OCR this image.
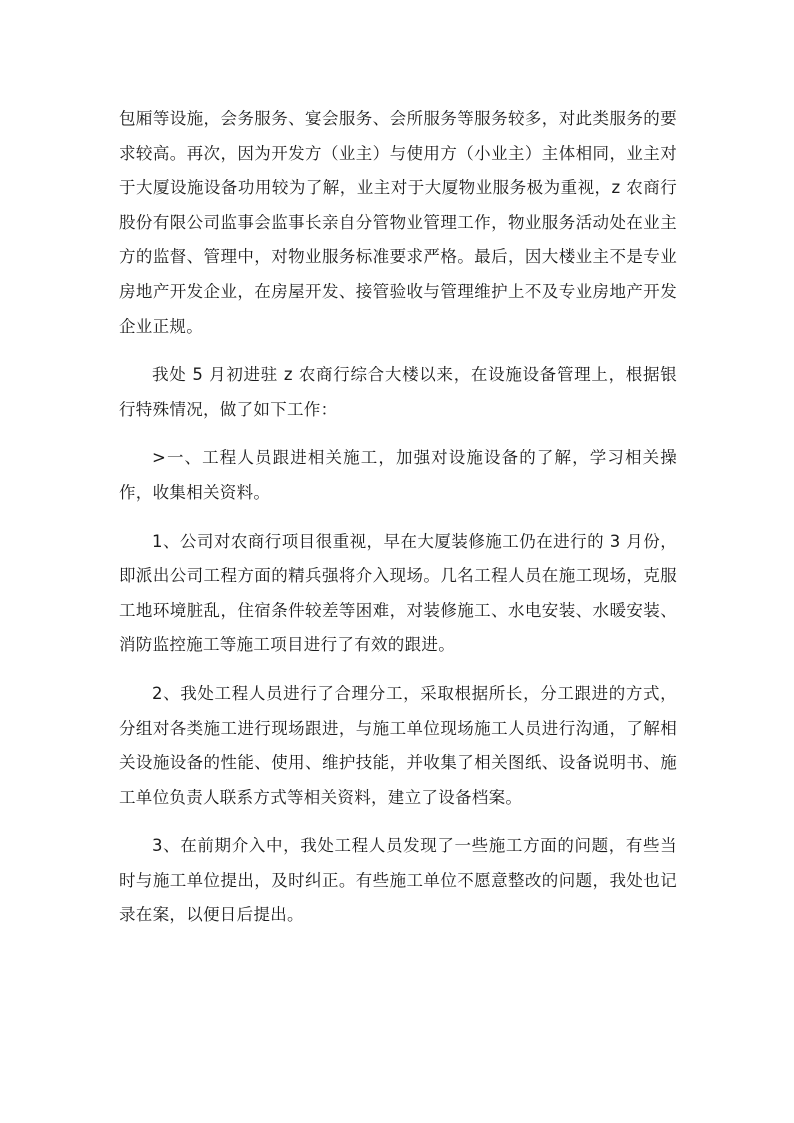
包厢等设施，会务服务、宴会服务、会所服务等服务较多，对此类服务的要求较高。再次，因为开发方（业主）与使用方（小业主）主体相同，业主对于大厦设施设备功用较为了解，业主对于大厦物业服务极为重视，z 农商行股份有限公司监事会监事长亲自分管物业管理工作，物业服务活动处在业主方的监督、管理中，对物业服务标准要求严格。最后，因大楼业主不是专业房地产开发企业，在房屋开发、接管验收与管理维护上不及专业房地产开发企业正规。

我处 5 月初进驻 z 农商行综合大楼以来，在设施设备管理上，根据银行特殊情况，做了如下工作：

>一、工程人员跟进相关施工，加强对设施设备的了解，学习相关操作，收集相关资料。

1、公司对农商行项目很重视，早在大厦装修施工仍在进行的 3 月份，即派出公司工程方面的精兵强将介入现场。几名工程人员在施工现场，克服工地环境脏乱，住宿条件较差等困难，对装修施工、水电安装、水暖安装、消防监控施工等施工项目进行了有效的跟进。

2、我处工程人员进行了合理分工，采取根据所长，分工跟进的方式，分组对各类施工进行现场跟进，与施工单位现场施工人员进行沟通，了解相关设施设备的性能、使用、维护技能，并收集了相关图纸、设备说明书、施工单位负责人联系方式等相关资料，建立了设备档案。

3、在前期介入中，我处工程人员发现了一些施工方面的问题，有些当时与施工单位提出，及时纠正。有些施工单位不愿意整改的问题，我处也记录在案，以便日后提出。
